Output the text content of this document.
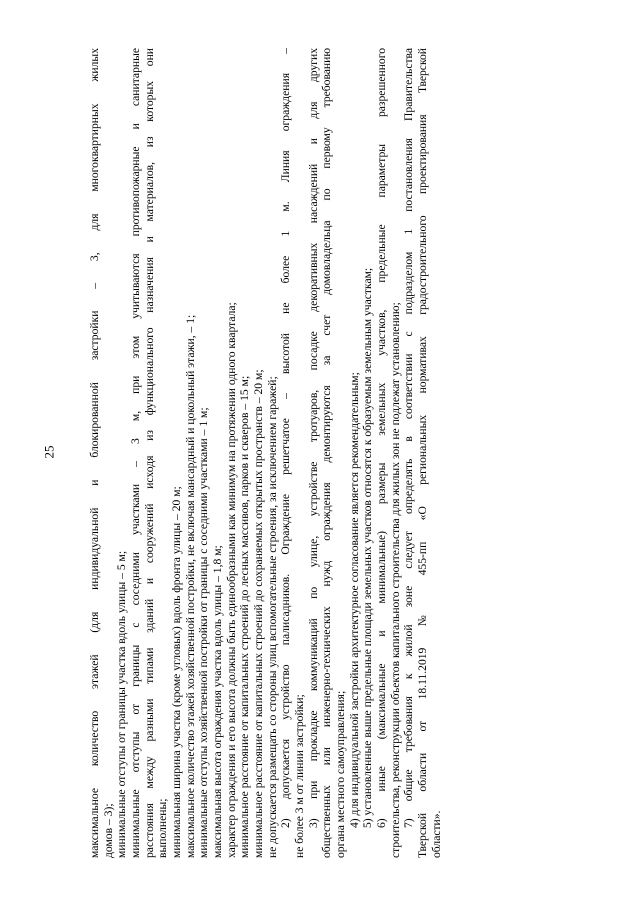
25	максимальное количество этажей (для индивидуальной и блокированной застройки – 3, для многоквартирных жилых домов – 3); минимальные отступы от границы участка вдоль улицы – 5 м; минимальные отступы от границы с соседними участками – 3 м, при этом учитываются противопожарные и санитарные расстояния между разными типами зданий и сооружений исходя из функционального назначения и материалов, из которых они выполнены; минимальная ширина участка (кроме угловых) вдоль фронта улицы – 20 м; максимальное количество этажей хозяйственной постройки, не включая мансардный и цокольный этажи, – 1; минимальные отступы хозяйственной постройки от границы с соседними участками – 1 м; максимальная высота ограждения участка вдоль улицы – 1,8 м; характер ограждения и его высота должны быть единообразными как минимум на протяжении одного квартала; минимальное расстояние от капитальных строений до лесных массивов, парков и скверов – 15 м; минимальное расстояние от капитальных строений до сохраняемых открытых пространств – 20 м; не допускается размещать со стороны улиц вспомогательные строения, за исключением гаражей; 2) допускается устройство палисадников. Ограждение решетчатое – высотой не более 1 м. Линия ограждения – не более 3 м от линии застройки; 3) при прокладке коммуникаций по улице, устройстве тротуаров, посадке декоративных насаждений и для других общественных или инженерно-технических нужд ограждения демонтируются за счет домовладельца по первому требованию органа местного самоуправления; 4) для индивидуальной застройки архитектурное согласование является рекомендательным; 5) установленные выше предельные площади земельных участков относятся к образуемым земельным участкам; 6) иные (максимальные и минимальные) размеры земельных участков, предельные параметры разрешенного строительства, реконструкции объектов капитального строительства для жилых зон не подлежат установлению; 7) общие требования к жилой зоне следует определять в соответствии с подразделом 1 постановления Правительства Тверской области от 18.11.2019 № 455-пп «О региональных нормативах градостроительного проектирования Тверской области».
